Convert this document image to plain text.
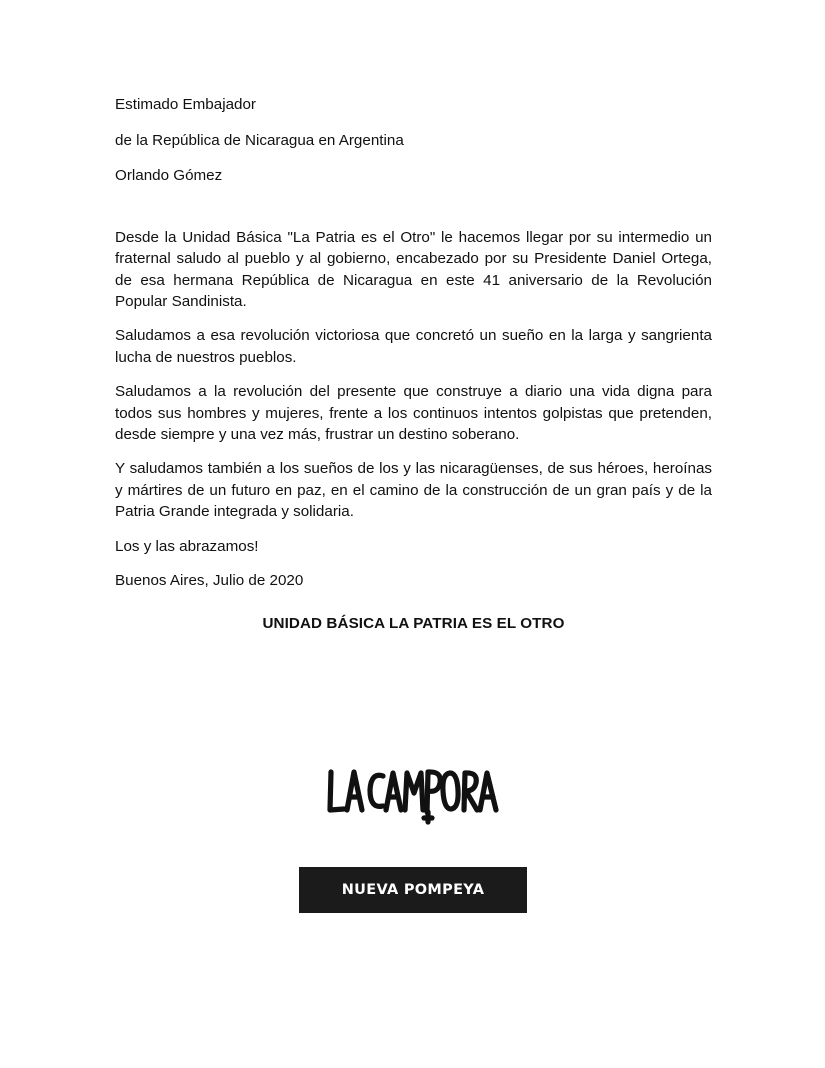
Estimado Embajador

de la República de Nicaragua en Argentina

Orlando Gómez

Desde la Unidad Básica "La Patria es el Otro" le hacemos llegar por su intermedio un fraternal saludo al pueblo y al gobierno, encabezado por su Presidente Daniel Ortega, de esa hermana República de Nicaragua en este 41 aniversario de la Revolución Popular Sandinista.

Saludamos a esa revolución victoriosa que concretó un sueño en la larga y sangrienta lucha de nuestros pueblos.

Saludamos a la revolución del presente que construye a diario una vida digna para todos sus hombres y mujeres, frente a los continuos intentos golpistas que pretenden, desde siempre y una vez más, frustrar un destino soberano.

Y saludamos también a los sueños de los y las nicaragüenses, de sus héroes, heroínas y mártires de un futuro en paz, en el camino de la construcción de un gran país y de la Patria Grande integrada y solidaria.

Los y las abrazamos!

Buenos Aires, Julio de 2020

UNIDAD BÁSICA LA PATRIA ES EL OTRO
NUEVA POMPEYA
